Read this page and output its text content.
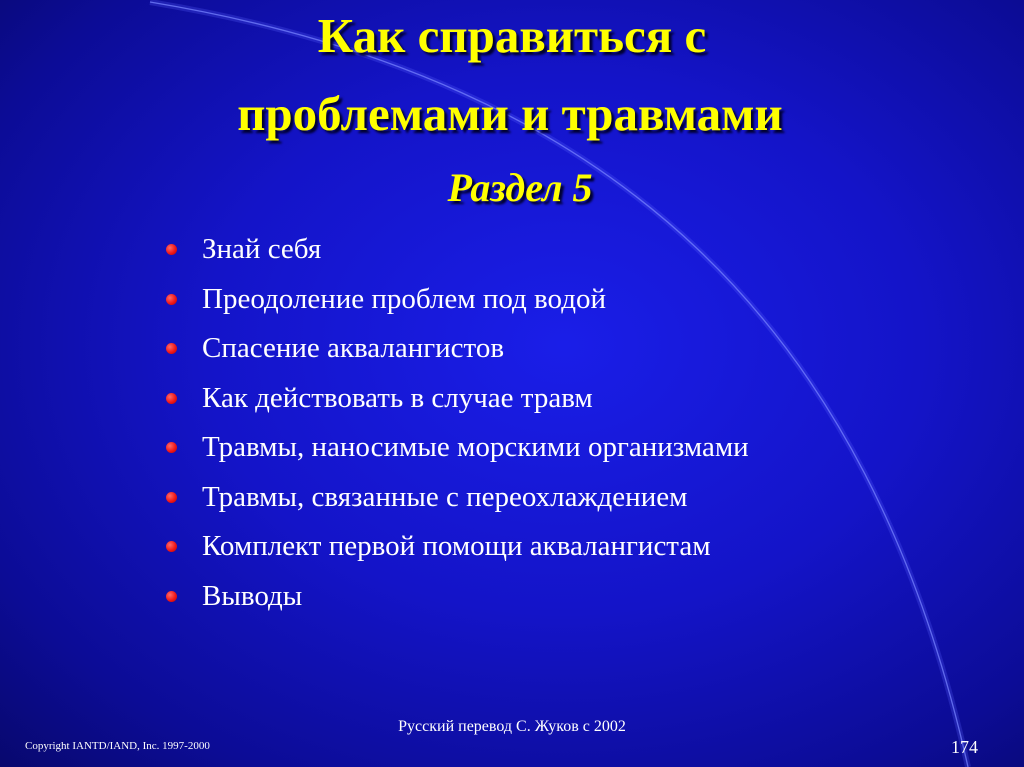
Как справиться с
проблемами и травмами
Раздел 5
Знай себя
Преодоление проблем под водой
Спасение аквалангистов
Как действовать в случае травм
Травмы, наносимые морскими организмами
Травмы, связанные с переохлаждением
Комплект первой помощи аквалангистам
Выводы
Русский перевод С. Жуков с 2002
Copyright IANTD/IAND, Inc. 1997-2000	174
